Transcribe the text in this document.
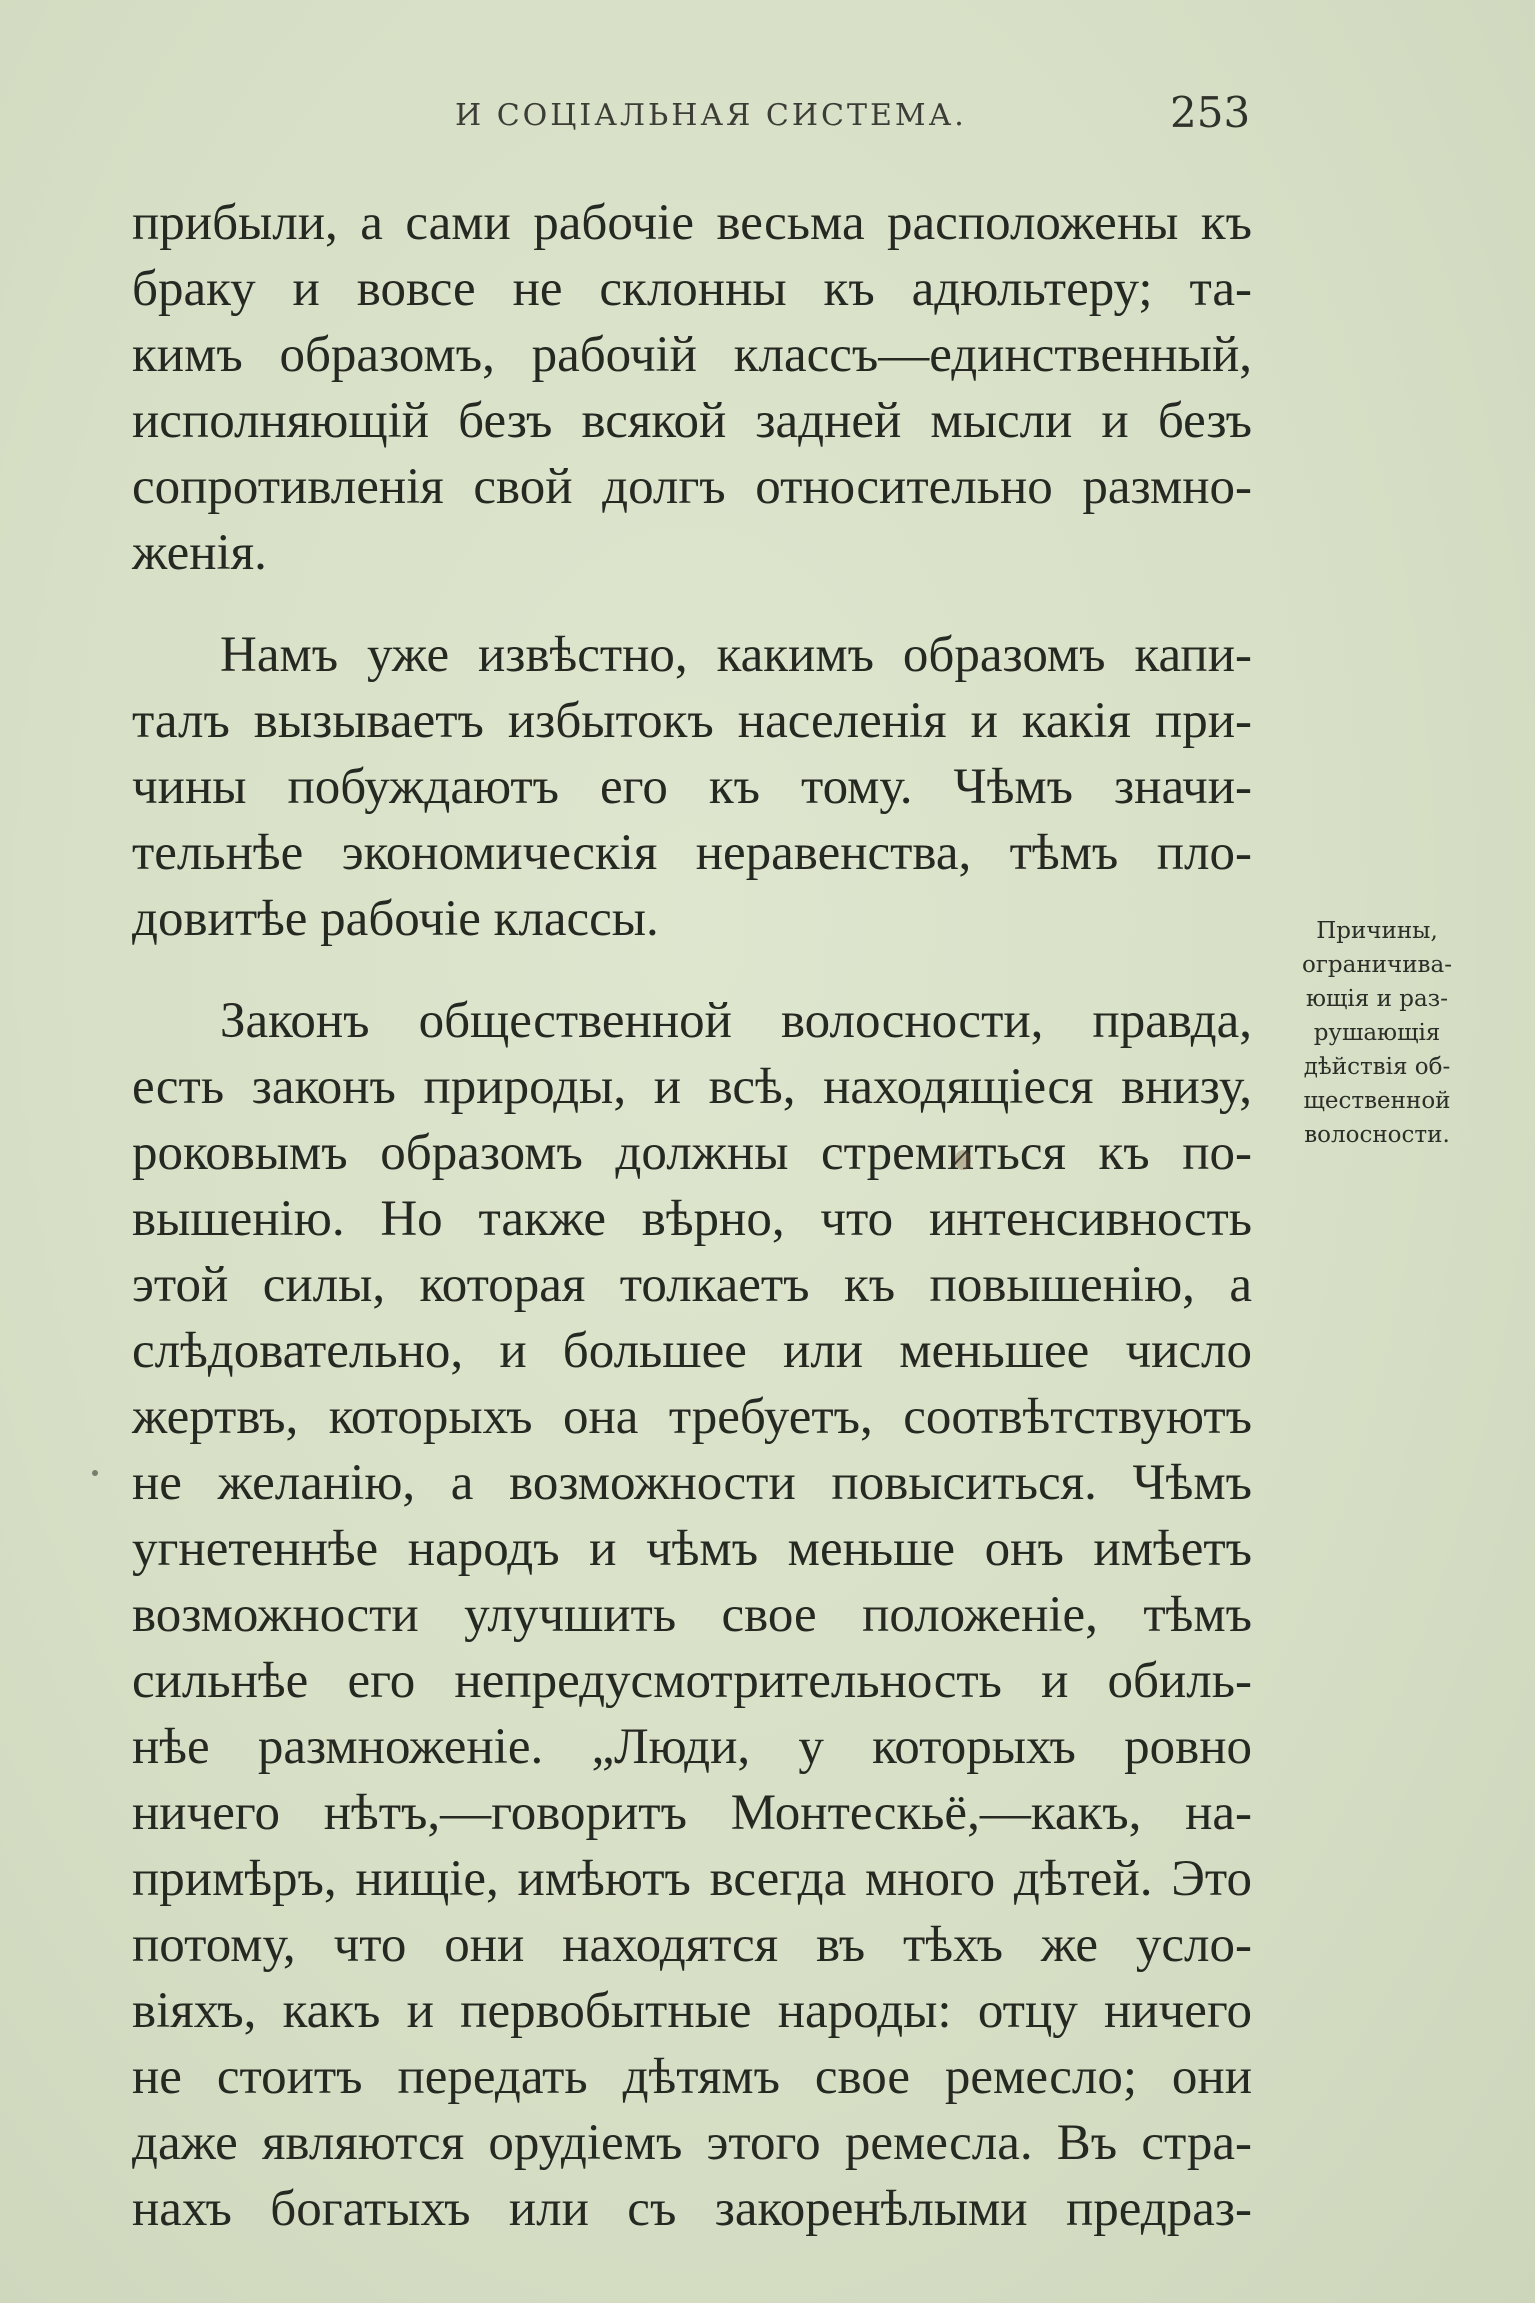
И СОЦІАЛЬНАЯ СИСТЕМА.	253
прибыли, а сами рабочіе весьма расположены къ
браку и вовсе не склонны къ адюльтеру; та-
кимъ образомъ, рабочій классъ—единственный,
исполняющій безъ всякой задней мысли и безъ
сопротивленія свой долгъ относительно размно-
женія.
Намъ уже извѣстно, какимъ образомъ капи-
талъ вызываетъ избытокъ населенія и какія при-
чины побуждаютъ его къ тому. Чѣмъ значи-
тельнѣе экономическія неравенства, тѣмъ пло-
довитѣе рабочіе классы.
Законъ общественной волосности, правда,
есть законъ природы, и всѣ, находящіеся внизу,
роковымъ образомъ должны стремиться къ по-
вышенію. Но также вѣрно, что интенсивность
этой силы, которая толкаетъ къ повышенію, а
слѣдовательно, и большее или меньшее число
жертвъ, которыхъ она требуетъ, соотвѣтствуютъ
не желанію, а возможности повыситься. Чѣмъ
угнетеннѣе народъ и чѣмъ меньше онъ имѣетъ
возможности улучшить свое положеніе, тѣмъ
сильнѣе его непредусмотрительность и обиль-
нѣе размноженіе. „Люди, у которыхъ ровно
ничего нѣтъ,—говоритъ Монтескьё,—какъ, на-
примѣръ, нищіе, имѣютъ всегда много дѣтей. Это
потому, что они находятся въ тѣхъ же усло-
віяхъ, какъ и первобытные народы: отцу ничего
не стоитъ передать дѣтямъ свое ремесло; они
даже являются орудіемъ этого ремесла. Въ стра-
нахъ богатыхъ или съ закоренѣлыми предраз-
Причины,
ограничива-
ющія и раз-
рушающія
дѣйствія об-
щественной
волосности.
